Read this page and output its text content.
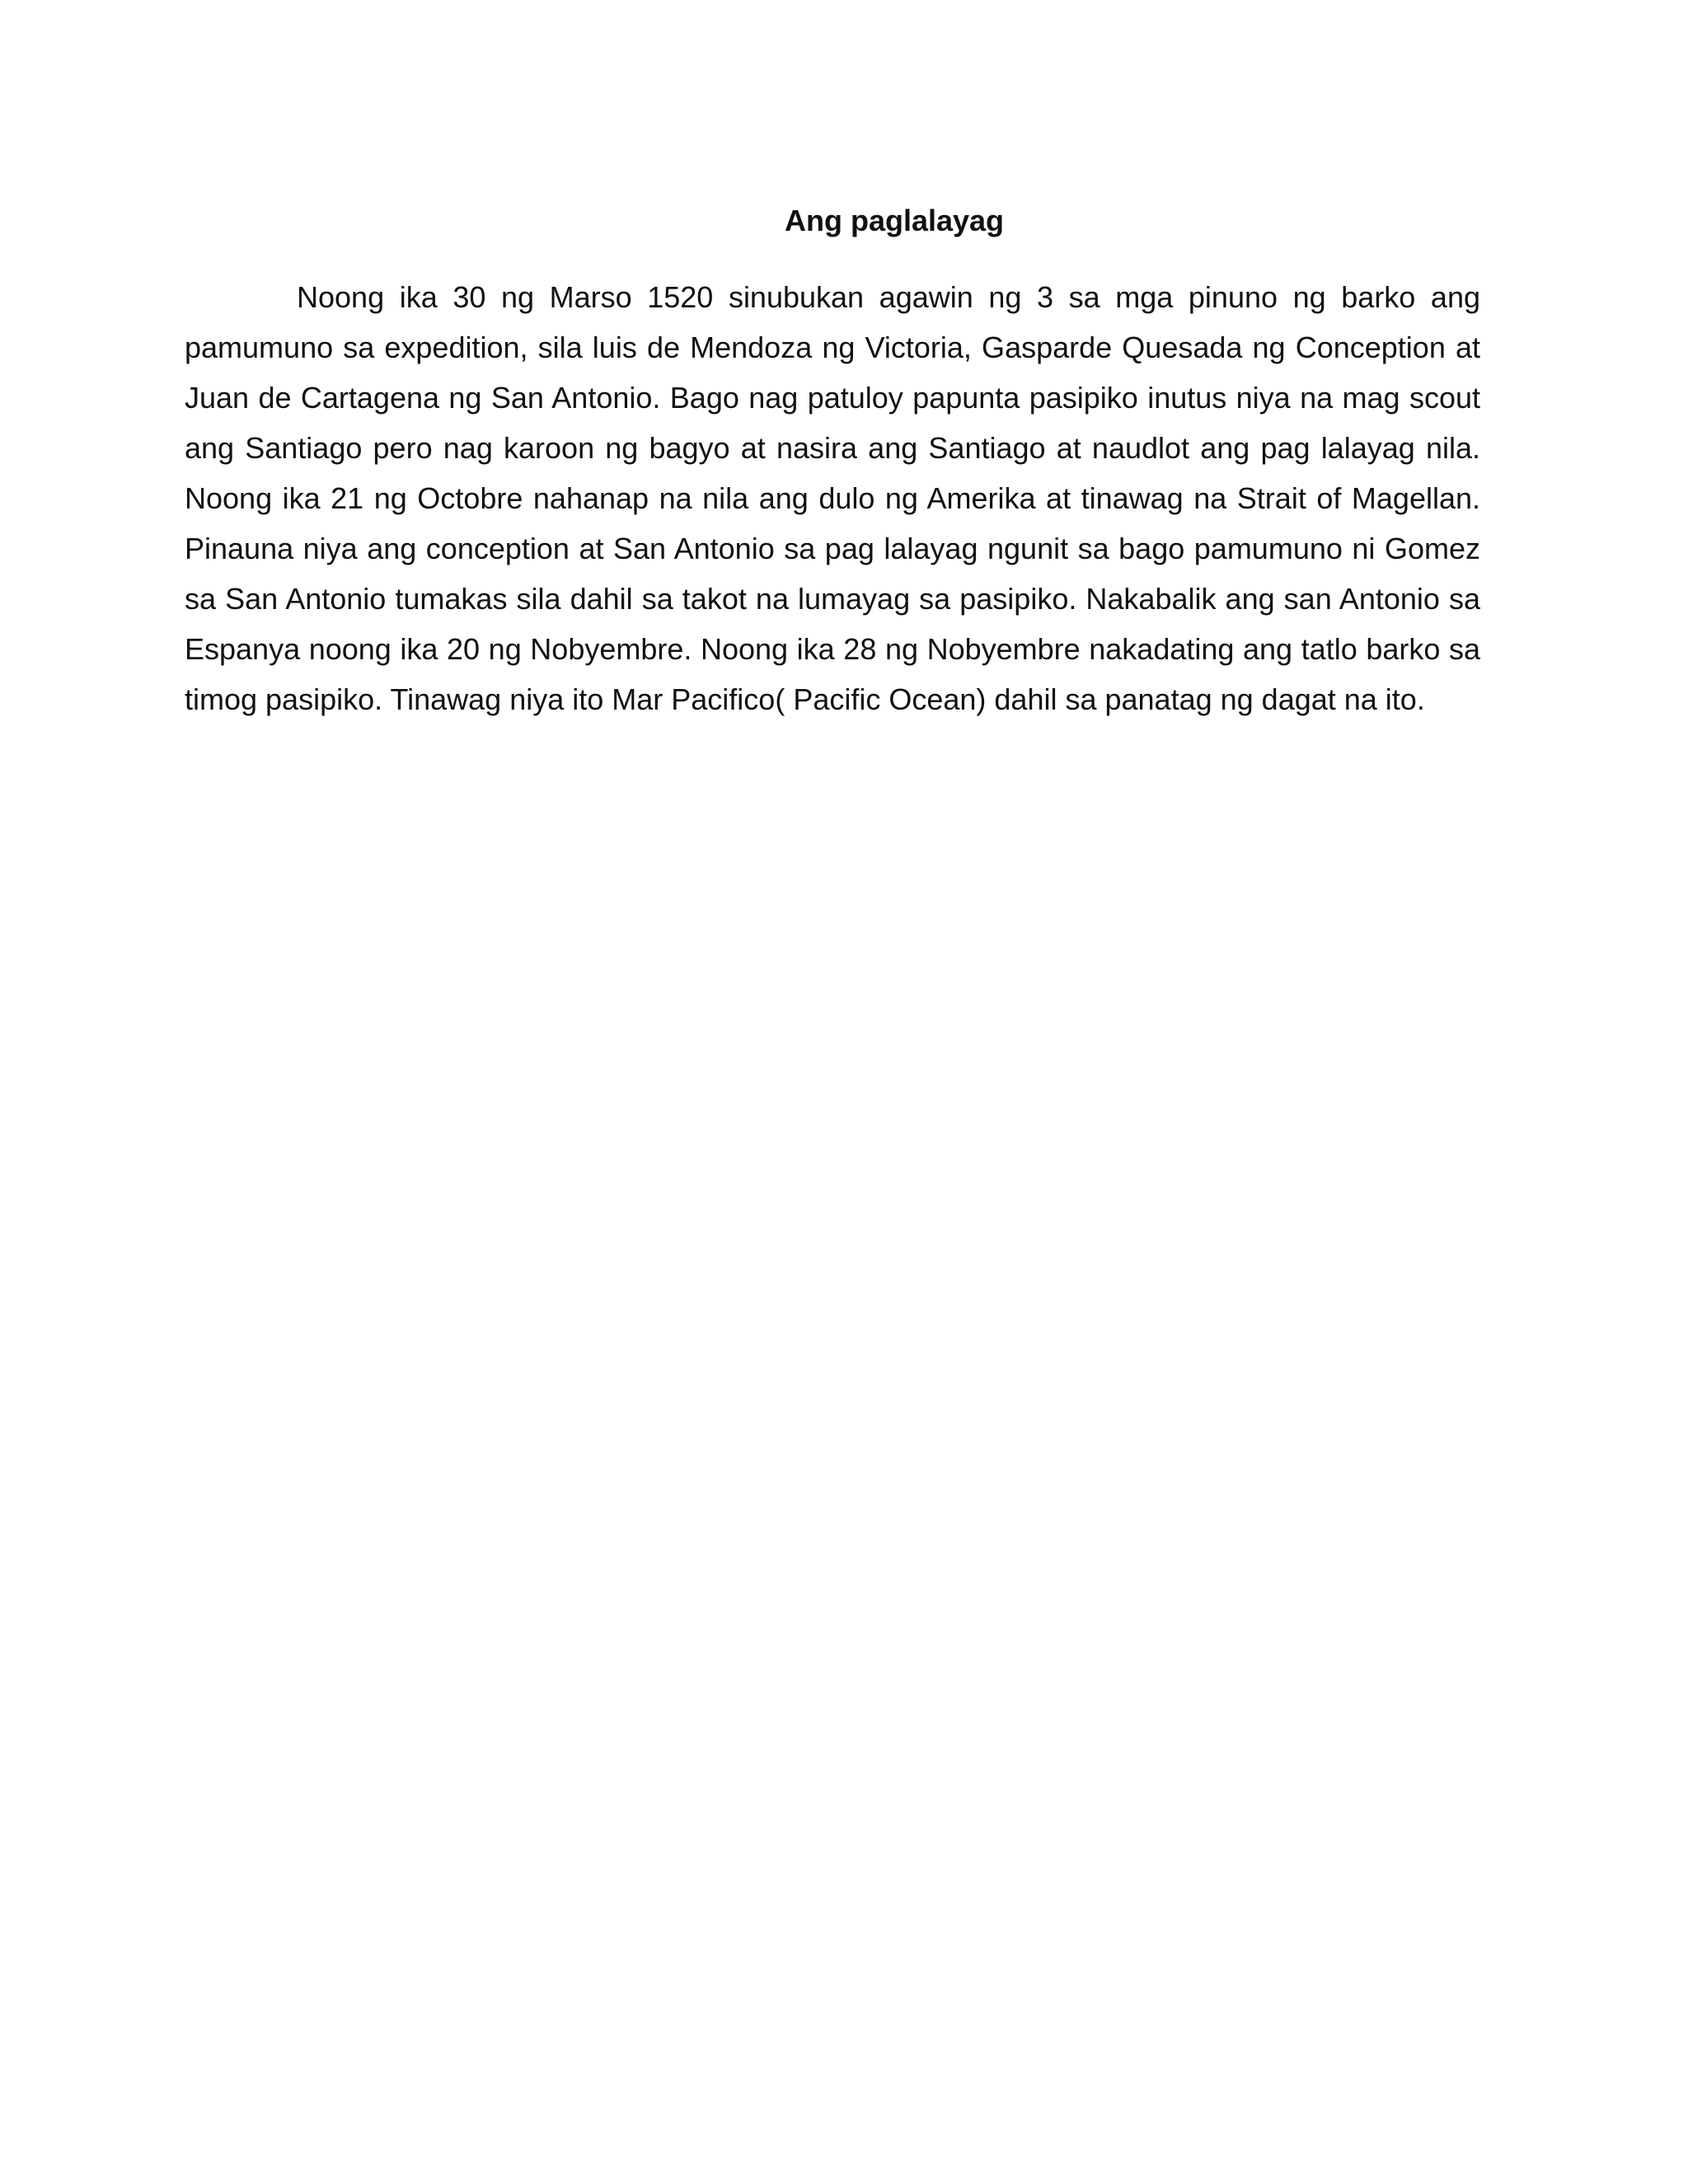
Ang paglalayag

Noong ika 30 ng Marso 1520 sinubukan agawin ng 3 sa mga pinuno ng barko ang pamumuno sa expedition, sila luis de Mendoza ng Victoria, Gasparde Quesada ng Conception at Juan de Cartagena ng San Antonio. Bago nag patuloy papunta pasipiko inutus niya na mag scout ang Santiago pero nag karoon ng bagyo at nasira ang Santiago at naudlot ang pag lalayag nila. Noong ika 21 ng Octobre nahanap na nila ang dulo ng Amerika at tinawag na Strait of Magellan. Pinauna niya ang conception at San Antonio sa pag lalayag ngunit sa bago pamumuno ni Gomez sa San Antonio tumakas sila dahil sa takot na lumayag sa pasipiko. Nakabalik ang san Antonio sa Espanya noong ika 20 ng Nobyembre. Noong ika 28 ng Nobyembre nakadating ang tatlo barko sa timog pasipiko. Tinawag niya ito Mar Pacifico( Pacific Ocean) dahil sa panatag ng dagat na ito.
